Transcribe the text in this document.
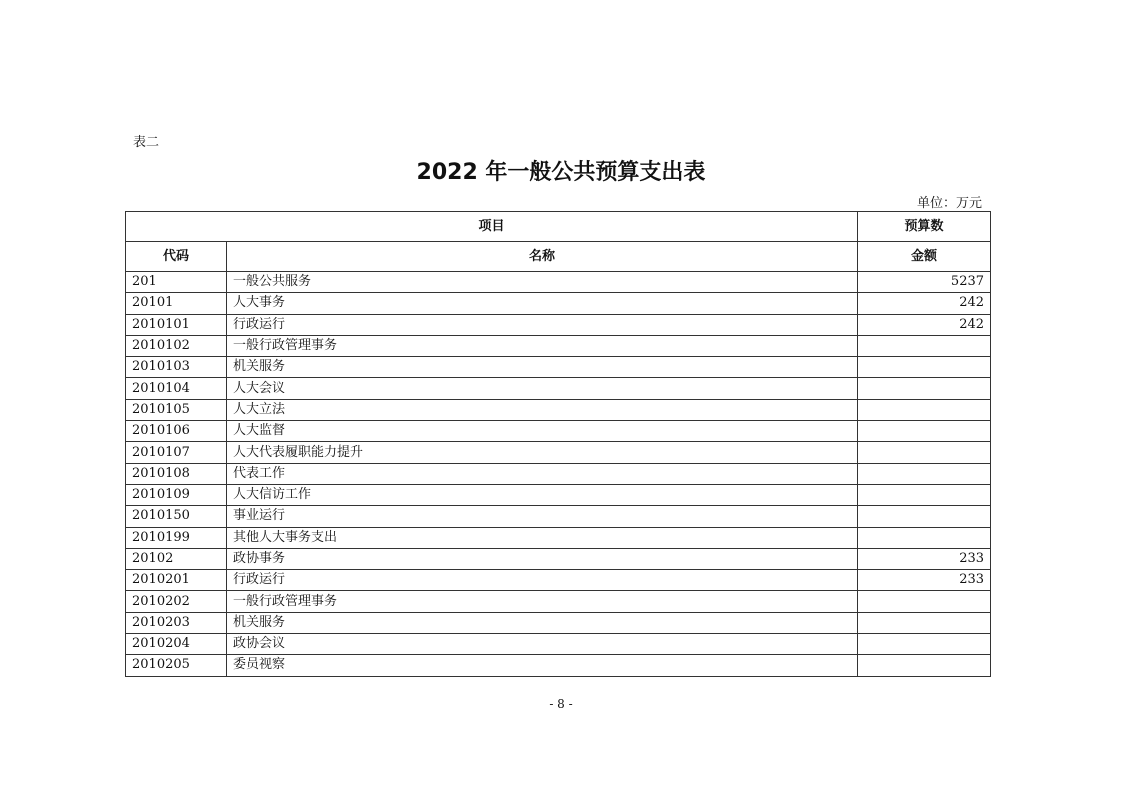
表二
2022 年一般公共预算支出表
单位：万元
项目		预算数
代码	名称	金额
201	一般公共服务	5237
20101	人大事务	242
2010101	行政运行	242
2010102	一般行政管理事务	
2010103	机关服务	
2010104	人大会议	
2010105	人大立法	
2010106	人大监督	
2010107	人大代表履职能力提升	
2010108	代表工作	
2010109	人大信访工作	
2010150	事业运行	
2010199	其他人大事务支出	
20102	政协事务	233
2010201	行政运行	233
2010202	一般行政管理事务	
2010203	机关服务	
2010204	政协会议	
2010205	委员视察	
- 8 -
